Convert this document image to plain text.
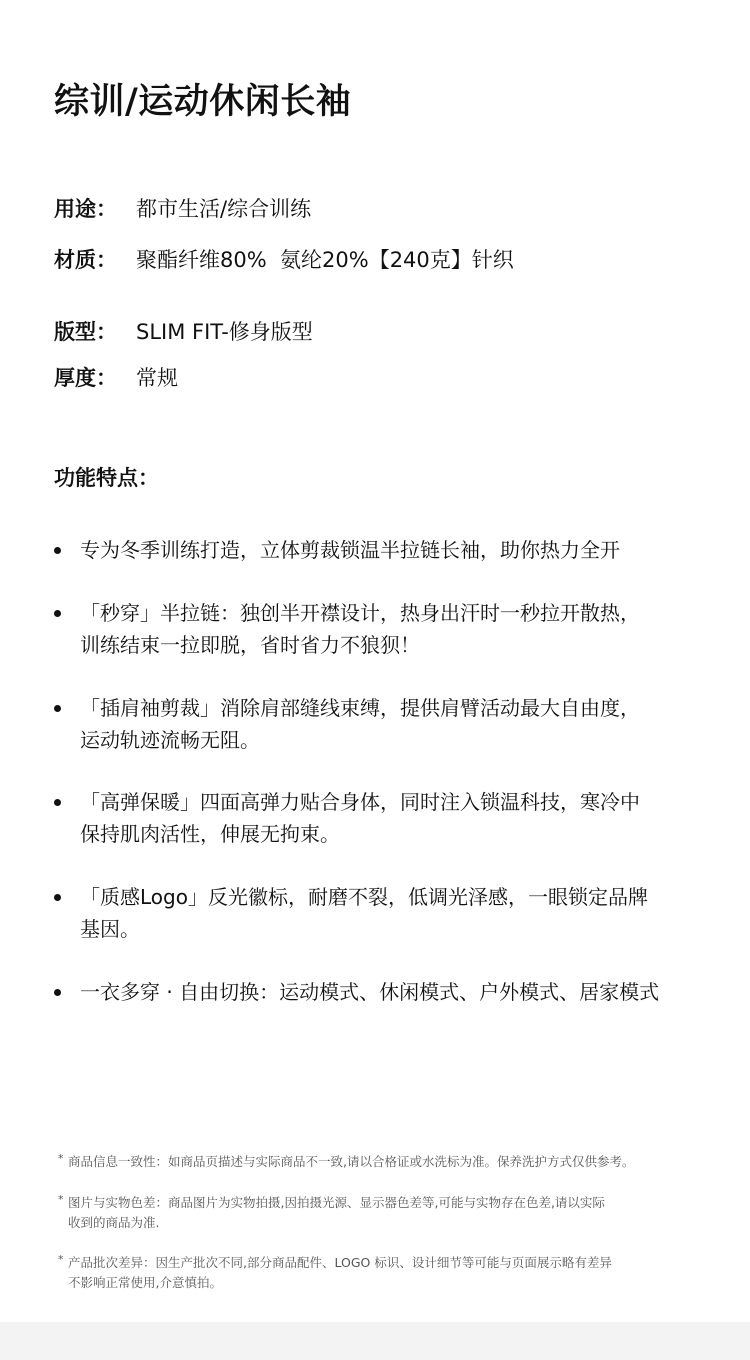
综训/运动休闲长袖
用途： 都市生活/综合训练
材质： 聚酯纤维80%  氨纶20%【240克】针织
版型： SLIM FIT-修身版型
厚度： 常规
功能特点：
专为冬季训练打造，立体剪裁锁温半拉链长袖，助你热力全开
「秒穿」半拉链：独创半开襟设计，热身出汗时一秒拉开散热，
训练结束一拉即脱，省时省力不狼狈！
「插肩袖剪裁」消除肩部缝线束缚，提供肩臂活动最大自由度，
运动轨迹流畅无阻。
「高弹保暖」四面高弹力贴合身体，同时注入锁温科技，寒冷中
保持肌肉活性，伸展无拘束。
「质感Logo」反光徽标，耐磨不裂，低调光泽感，一眼锁定品牌
基因。
一衣多穿 · 自由切换：运动模式、休闲模式、户外模式、居家模式
* 商品信息一致性：如商品页描述与实际商品不一致,请以合格证或水洗标为准。保养洗护方式仅供参考。
* 图片与实物色差：商品图片为实物拍摄,因拍摄光源、显示器色差等,可能与实物存在色差,请以实际
收到的商品为准.
* 产品批次差异：因生产批次不同,部分商品配件、LOGO 标识、设计细节等可能与页面展示略有差异
不影响正常使用,介意慎拍。
